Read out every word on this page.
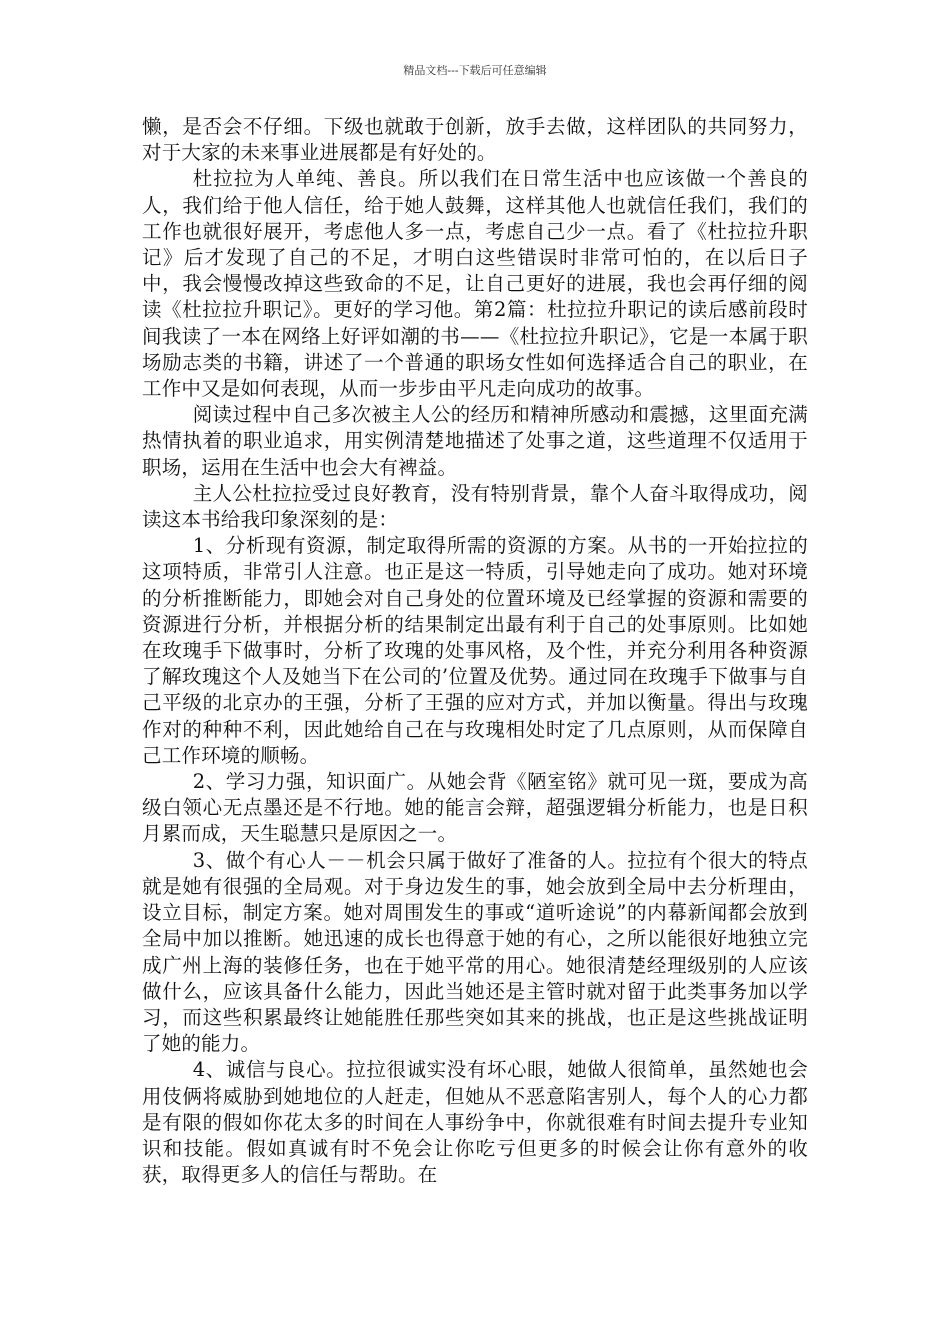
精品文档---下载后可任意编辑

懒，是否会不仔细。下级也就敢于创新，放手去做，这样团队的共同努力，对于大家的未来事业进展都是有好处的。

杜拉拉为人单纯、善良。所以我们在日常生活中也应该做一个善良的人，我们给于他人信任，给于她人鼓舞，这样其他人也就信任我们，我们的工作也就很好展开，考虑他人多一点，考虑自己少一点。看了《杜拉拉升职记》后才发现了自己的不足，才明白这些错误时非常可怕的，在以后日子中，我会慢慢改掉这些致命的不足，让自己更好的进展，我也会再仔细的阅读《杜拉拉升职记》。更好的学习他。第2篇：杜拉拉升职记的读后感前段时间我读了一本在网络上好评如潮的书——《杜拉拉升职记》，它是一本属于职场励志类的书籍，讲述了一个普通的职场女性如何选择适合自己的职业，在工作中又是如何表现，从而一步步由平凡走向成功的故事。

阅读过程中自己多次被主人公的经历和精神所感动和震撼，这里面充满热情执着的职业追求，用实例清楚地描述了处事之道，这些道理不仅适用于职场，运用在生活中也会大有裨益。

主人公杜拉拉受过良好教育，没有特别背景，靠个人奋斗取得成功，阅读这本书给我印象深刻的是：

1、分析现有资源，制定取得所需的资源的方案。从书的一开始拉拉的这项特质，非常引人注意。也正是这一特质，引导她走向了成功。她对环境的分析推断能力，即她会对自己身处的位置环境及已经掌握的资源和需要的资源进行分析，并根据分析的结果制定出最有利于自己的处事原则。比如她在玫瑰手下做事时，分析了玫瑰的处事风格，及个性，并充分利用各种资源了解玫瑰这个人及她当下在公司的’位置及优势。通过同在玫瑰手下做事与自己平级的北京办的王强，分析了王强的应对方式，并加以衡量。得出与玫瑰作对的种种不利，因此她给自己在与玫瑰相处时定了几点原则，从而保障自己工作环境的顺畅。

2、学习力强，知识面广。从她会背《陋室铭》就可见一斑，要成为高级白领心无点墨还是不行地。她的能言会辩，超强逻辑分析能力，也是日积月累而成，天生聪慧只是原因之一。

3、做个有心人－－机会只属于做好了准备的人。拉拉有个很大的特点就是她有很强的全局观。对于身边发生的事，她会放到全局中去分析理由，设立目标，制定方案。她对周围发生的事或“道听途说”的内幕新闻都会放到全局中加以推断。她迅速的成长也得意于她的有心，之所以能很好地独立完成广州上海的装修任务，也在于她平常的用心。她很清楚经理级别的人应该做什么，应该具备什么能力，因此当她还是主管时就对留于此类事务加以学习，而这些积累最终让她能胜任那些突如其来的挑战，也正是这些挑战证明了她的能力。

4、诚信与良心。拉拉很诚实没有坏心眼，她做人很简单，虽然她也会用伎俩将威胁到她地位的人赶走，但她从不恶意陷害别人，每个人的心力都是有限的假如你花太多的时间在人事纷争中，你就很难有时间去提升专业知识和技能。假如真诚有时不免会让你吃亏但更多的时候会让你有意外的收获，取得更多人的信任与帮助。在
